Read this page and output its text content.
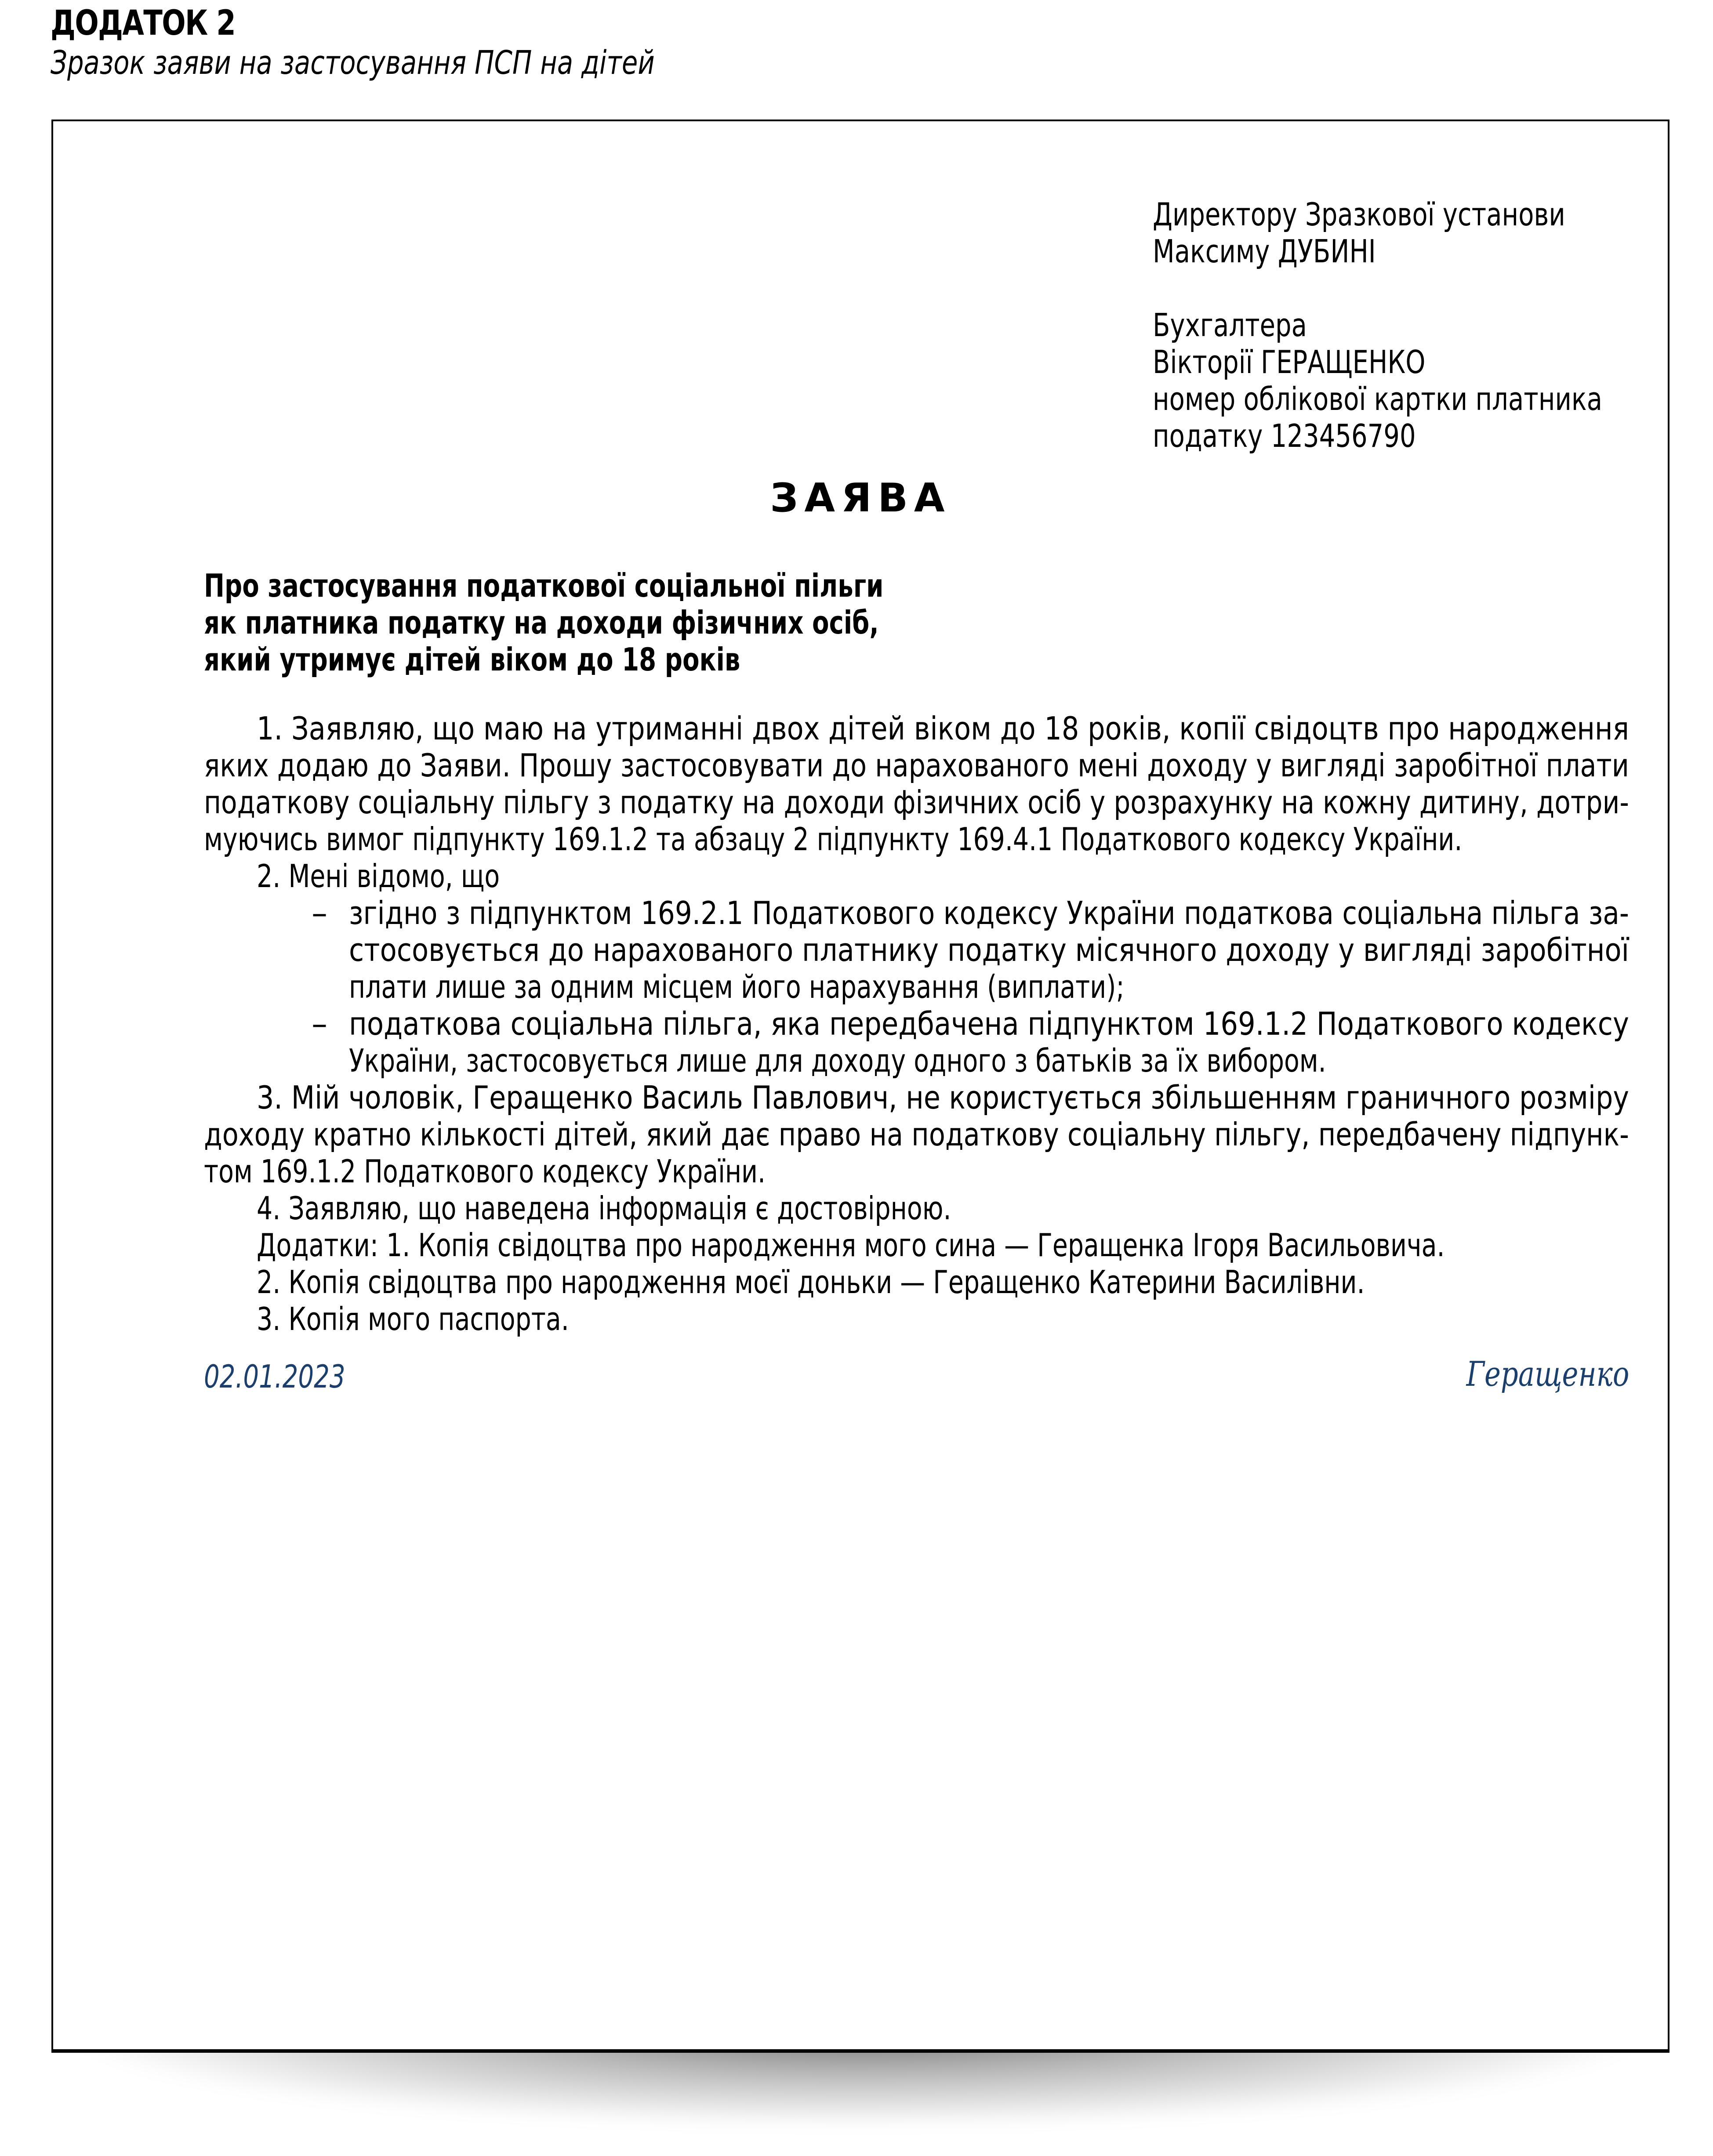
ДОДАТОК 2
Зразок заяви на застосування ПСП на дітей
Директору Зразкової установи
Максиму ДУБИНІ
Бухгалтера
Вікторії ГЕРАЩЕНКО
номер облікової картки платника
податку 123456790
ЗАЯВА
Про застосування податкової соціальної пільги
як платника податку на доходи фізичних осіб,
який утримує дітей віком до 18 років
1. Заявляю, що маю на утриманні двох дітей віком до 18 років, копії свідоцтв про народження
яких додаю до Заяви. Прошу застосовувати до нарахованого мені доходу у вигляді заробітної плати
податкову соціальну пільгу з податку на доходи фізичних осіб у розрахунку на кожну дитину, дотри-
муючись вимог підпункту 169.1.2 та абзацу 2 підпункту 169.4.1 Податкового кодексу України.
2. Мені відомо, що
– згідно з підпунктом 169.2.1 Податкового кодексу України податкова соціальна пільга за-
стосовується до нарахованого платнику податку місячного доходу у вигляді заробітної
плати лише за одним місцем його нарахування (виплати);
– податкова соціальна пільга, яка передбачена підпунктом 169.1.2 Податкового кодексу
України, застосовується лише для доходу одного з батьків за їх вибором.
3. Мій чоловік, Геращенко Василь Павлович, не користується збільшенням граничного розміру
доходу кратно кількості дітей, який дає право на податкову соціальну пільгу, передбачену підпунк-
том 169.1.2 Податкового кодексу України.
4. Заявляю, що наведена інформація є достовірною.
Додатки: 1. Копія свідоцтва про народження мого сина — Геращенка Ігоря Васильовича.
2. Копія свідоцтва про народження моєї доньки — Геращенко Катерини Василівни.
3. Копія мого паспорта.
02.01.2023	Геращенко
